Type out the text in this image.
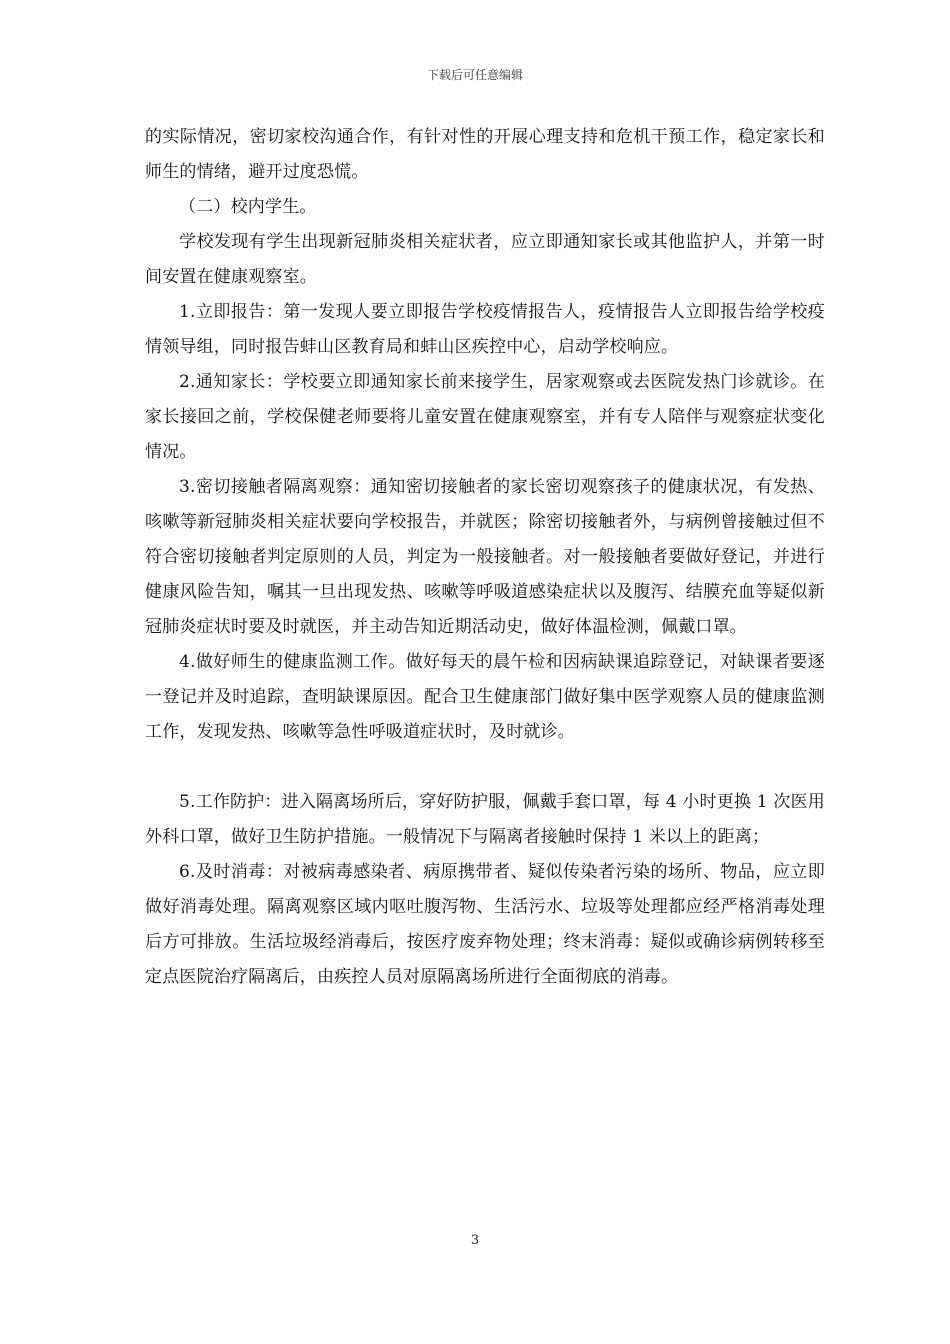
下载后可任意编辑

的实际情况，密切家校沟通合作，有针对性的开展心理支持和危机干预工作，稳定家长和师生的情绪，避开过度恐慌。

（二）校内学生。

学校发现有学生出现新冠肺炎相关症状者，应立即通知家长或其他监护人，并第一时间安置在健康观察室。

1.立即报告：第一发现人要立即报告学校疫情报告人，疫情报告人立即报告给学校疫情领导组，同时报告蚌山区教育局和蚌山区疾控中心，启动学校响应。

2.通知家长：学校要立即通知家长前来接学生，居家观察或去医院发热门诊就诊。在家长接回之前，学校保健老师要将儿童安置在健康观察室，并有专人陪伴与观察症状变化情况。

3.密切接触者隔离观察：通知密切接触者的家长密切观察孩子的健康状况，有发热、咳嗽等新冠肺炎相关症状要向学校报告，并就医；除密切接触者外，与病例曾接触过但不符合密切接触者判定原则的人员，判定为一般接触者。对一般接触者要做好登记，并进行健康风险告知，嘱其一旦出现发热、咳嗽等呼吸道感染症状以及腹泻、结膜充血等疑似新冠肺炎症状时要及时就医，并主动告知近期活动史，做好体温检测，佩戴口罩。

4.做好师生的健康监测工作。做好每天的晨午检和因病缺课追踪登记，对缺课者要逐一登记并及时追踪，查明缺课原因。配合卫生健康部门做好集中医学观察人员的健康监测工作，发现发热、咳嗽等急性呼吸道症状时，及时就诊。

5.工作防护：进入隔离场所后，穿好防护服，佩戴手套口罩，每 4 小时更换 1 次医用外科口罩，做好卫生防护措施。一般情况下与隔离者接触时保持 1 米以上的距离；

6.及时消毒：对被病毒感染者、病原携带者、疑似传染者污染的场所、物品，应立即做好消毒处理。隔离观察区域内呕吐腹泻物、生活污水、垃圾等处理都应经严格消毒处理后方可排放。生活垃圾经消毒后，按医疗废弃物处理；终末消毒：疑似或确诊病例转移至定点医院治疗隔离后，由疾控人员对原隔离场所进行全面彻底的消毒。

3
